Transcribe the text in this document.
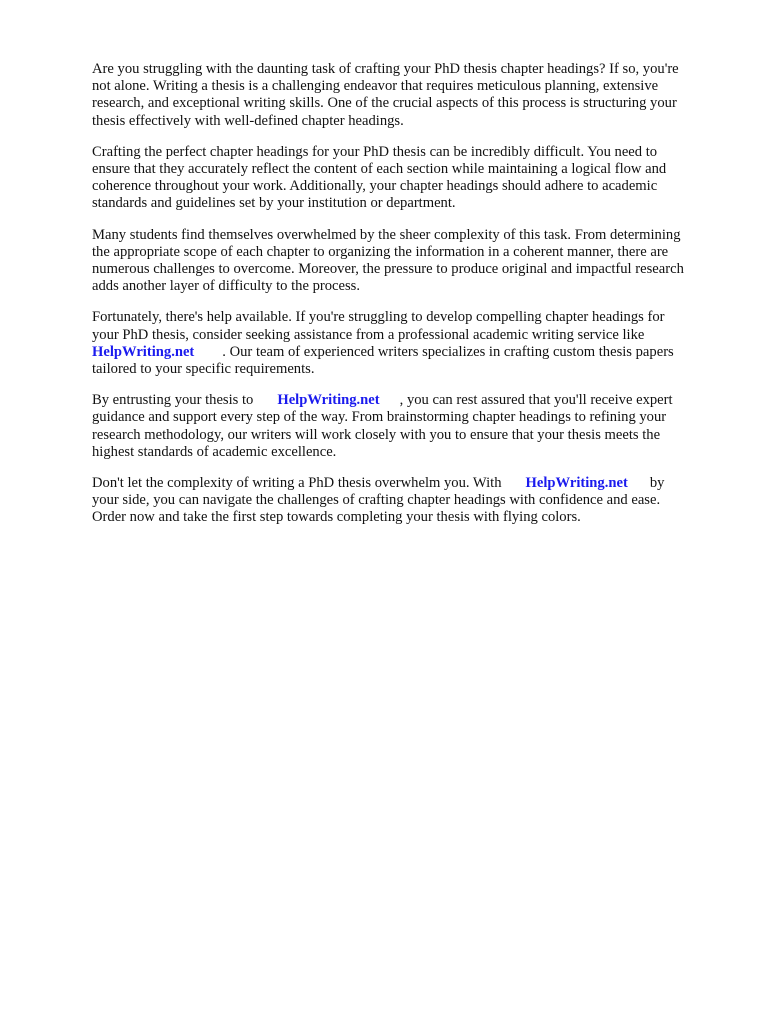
Are you struggling with the daunting task of crafting your PhD thesis chapter headings? If so, you're
not alone. Writing a thesis is a challenging endeavor that requires meticulous planning, extensive
research, and exceptional writing skills. One of the crucial aspects of this process is structuring your
thesis effectively with well-defined chapter headings.

Crafting the perfect chapter headings for your PhD thesis can be incredibly difficult. You need to
ensure that they accurately reflect the content of each section while maintaining a logical flow and
coherence throughout your work. Additionally, your chapter headings should adhere to academic
standards and guidelines set by your institution or department.

Many students find themselves overwhelmed by the sheer complexity of this task. From determining
the appropriate scope of each chapter to organizing the information in a coherent manner, there are
numerous challenges to overcome. Moreover, the pressure to produce original and impactful research
adds another layer of difficulty to the process.

Fortunately, there's help available. If you're struggling to develop compelling chapter headings for
your PhD thesis, consider seeking assistance from a professional academic writing service like
HelpWriting.net . Our team of experienced writers specializes in crafting custom thesis papers
tailored to your specific requirements.

By entrusting your thesis to HelpWriting.net , you can rest assured that you'll receive expert
guidance and support every step of the way. From brainstorming chapter headings to refining your
research methodology, our writers will work closely with you to ensure that your thesis meets the
highest standards of academic excellence.

Don't let the complexity of writing a PhD thesis overwhelm you. With HelpWriting.net by
your side, you can navigate the challenges of crafting chapter headings with confidence and ease.
Order now and take the first step towards completing your thesis with flying colors.
